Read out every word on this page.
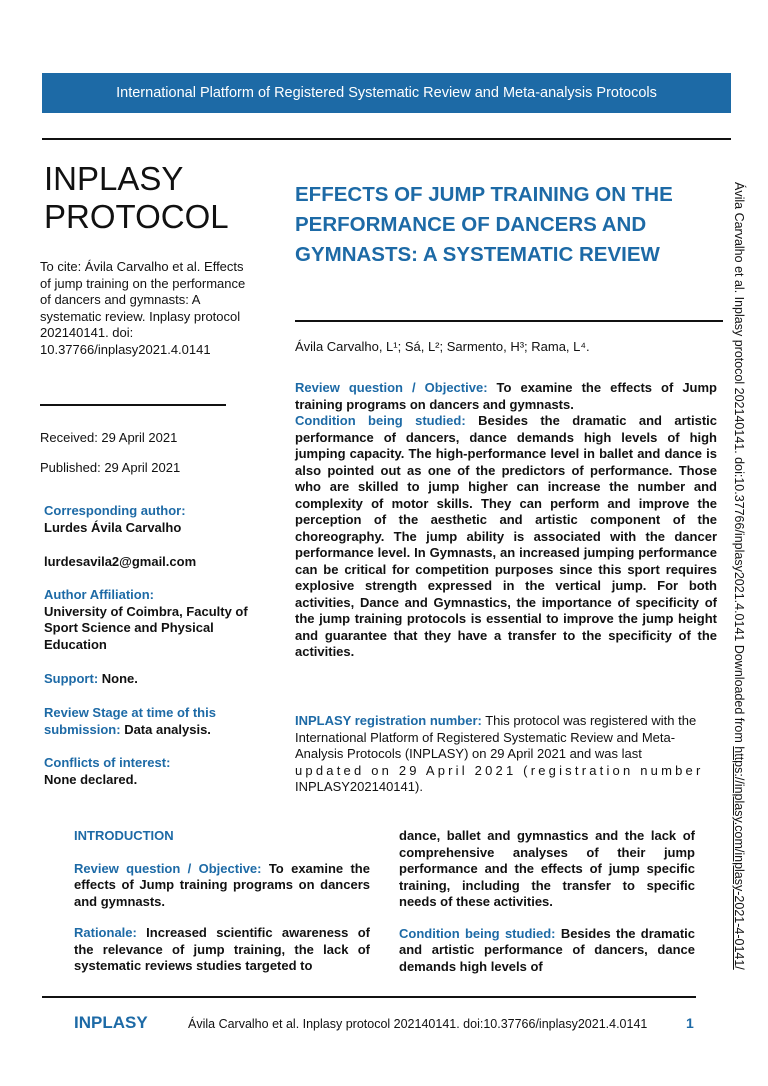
International Platform of Registered Systematic Review and Meta-analysis Protocols
INPLASY
PROTOCOL
To cite: Ávila Carvalho et al. Effects of jump training on the performance of dancers and gymnasts: A systematic review. Inplasy protocol 202140141. doi: 10.37766/inplasy2021.4.0141
Received: 29 April 2021
Published: 29 April 2021
Corresponding author:
Lurdes Ávila Carvalho
lurdesavila2@gmail.com
Author Affiliation:
University of Coimbra, Faculty of Sport Science and Physical Education
Support: None.
Review Stage at time of this submission: Data analysis.
Conflicts of interest:
None declared.
EFFECTS OF JUMP TRAINING ON THE PERFORMANCE OF DANCERS AND GYMNASTS: A SYSTEMATIC REVIEW
Ávila Carvalho, L¹; Sá, L²; Sarmento, H³; Rama, L⁴.
Review question / Objective: To examine the effects of Jump training programs on dancers and gymnasts.
Condition being studied: Besides the dramatic and artistic performance of dancers, dance demands high levels of high jumping capacity. The high-performance level in ballet and dance is also pointed out as one of the predictors of performance. Those who are skilled to jump higher can increase the number and complexity of motor skills. They can perform and improve the perception of the aesthetic and artistic component of the choreography. The jump ability is associated with the dancer performance level. In Gymnasts, an increased jumping performance can be critical for competition purposes since this sport requires explosive strength expressed in the vertical jump. For both activities, Dance and Gymnastics, the importance of specificity of the jump training protocols is essential to improve the jump height and guarantee that they have a transfer to the specificity of the activities.
INPLASY registration number: This protocol was registered with the International Platform of Registered Systematic Review and Meta-Analysis Protocols (INPLASY) on 29 April 2021 and was last
updated on 29 April 2021 (registration number
INPLASY202140141).
INTRODUCTION

Review question / Objective: To examine the effects of Jump training programs on dancers and gymnasts.

Rationale: Increased scientific awareness of the relevance of jump training, the lack of systematic reviews studies targeted to

dance, ballet and gymnastics and the lack of comprehensive analyses of their jump performance and the effects of jump specific training, including the transfer to specific needs of these activities.

Condition being studied: Besides the dramatic and artistic performance of dancers, dance demands high levels of

INPLASY	Ávila Carvalho et al. Inplasy protocol 202140141. doi:10.37766/inplasy2021.4.0141	1
Ávila Carvalho et al. Inplasy protocol 202140141. doi:10.37766/inplasy2021.4.0141 Downloaded from https://inplasy.com/inplasy-2021-4-0141/
